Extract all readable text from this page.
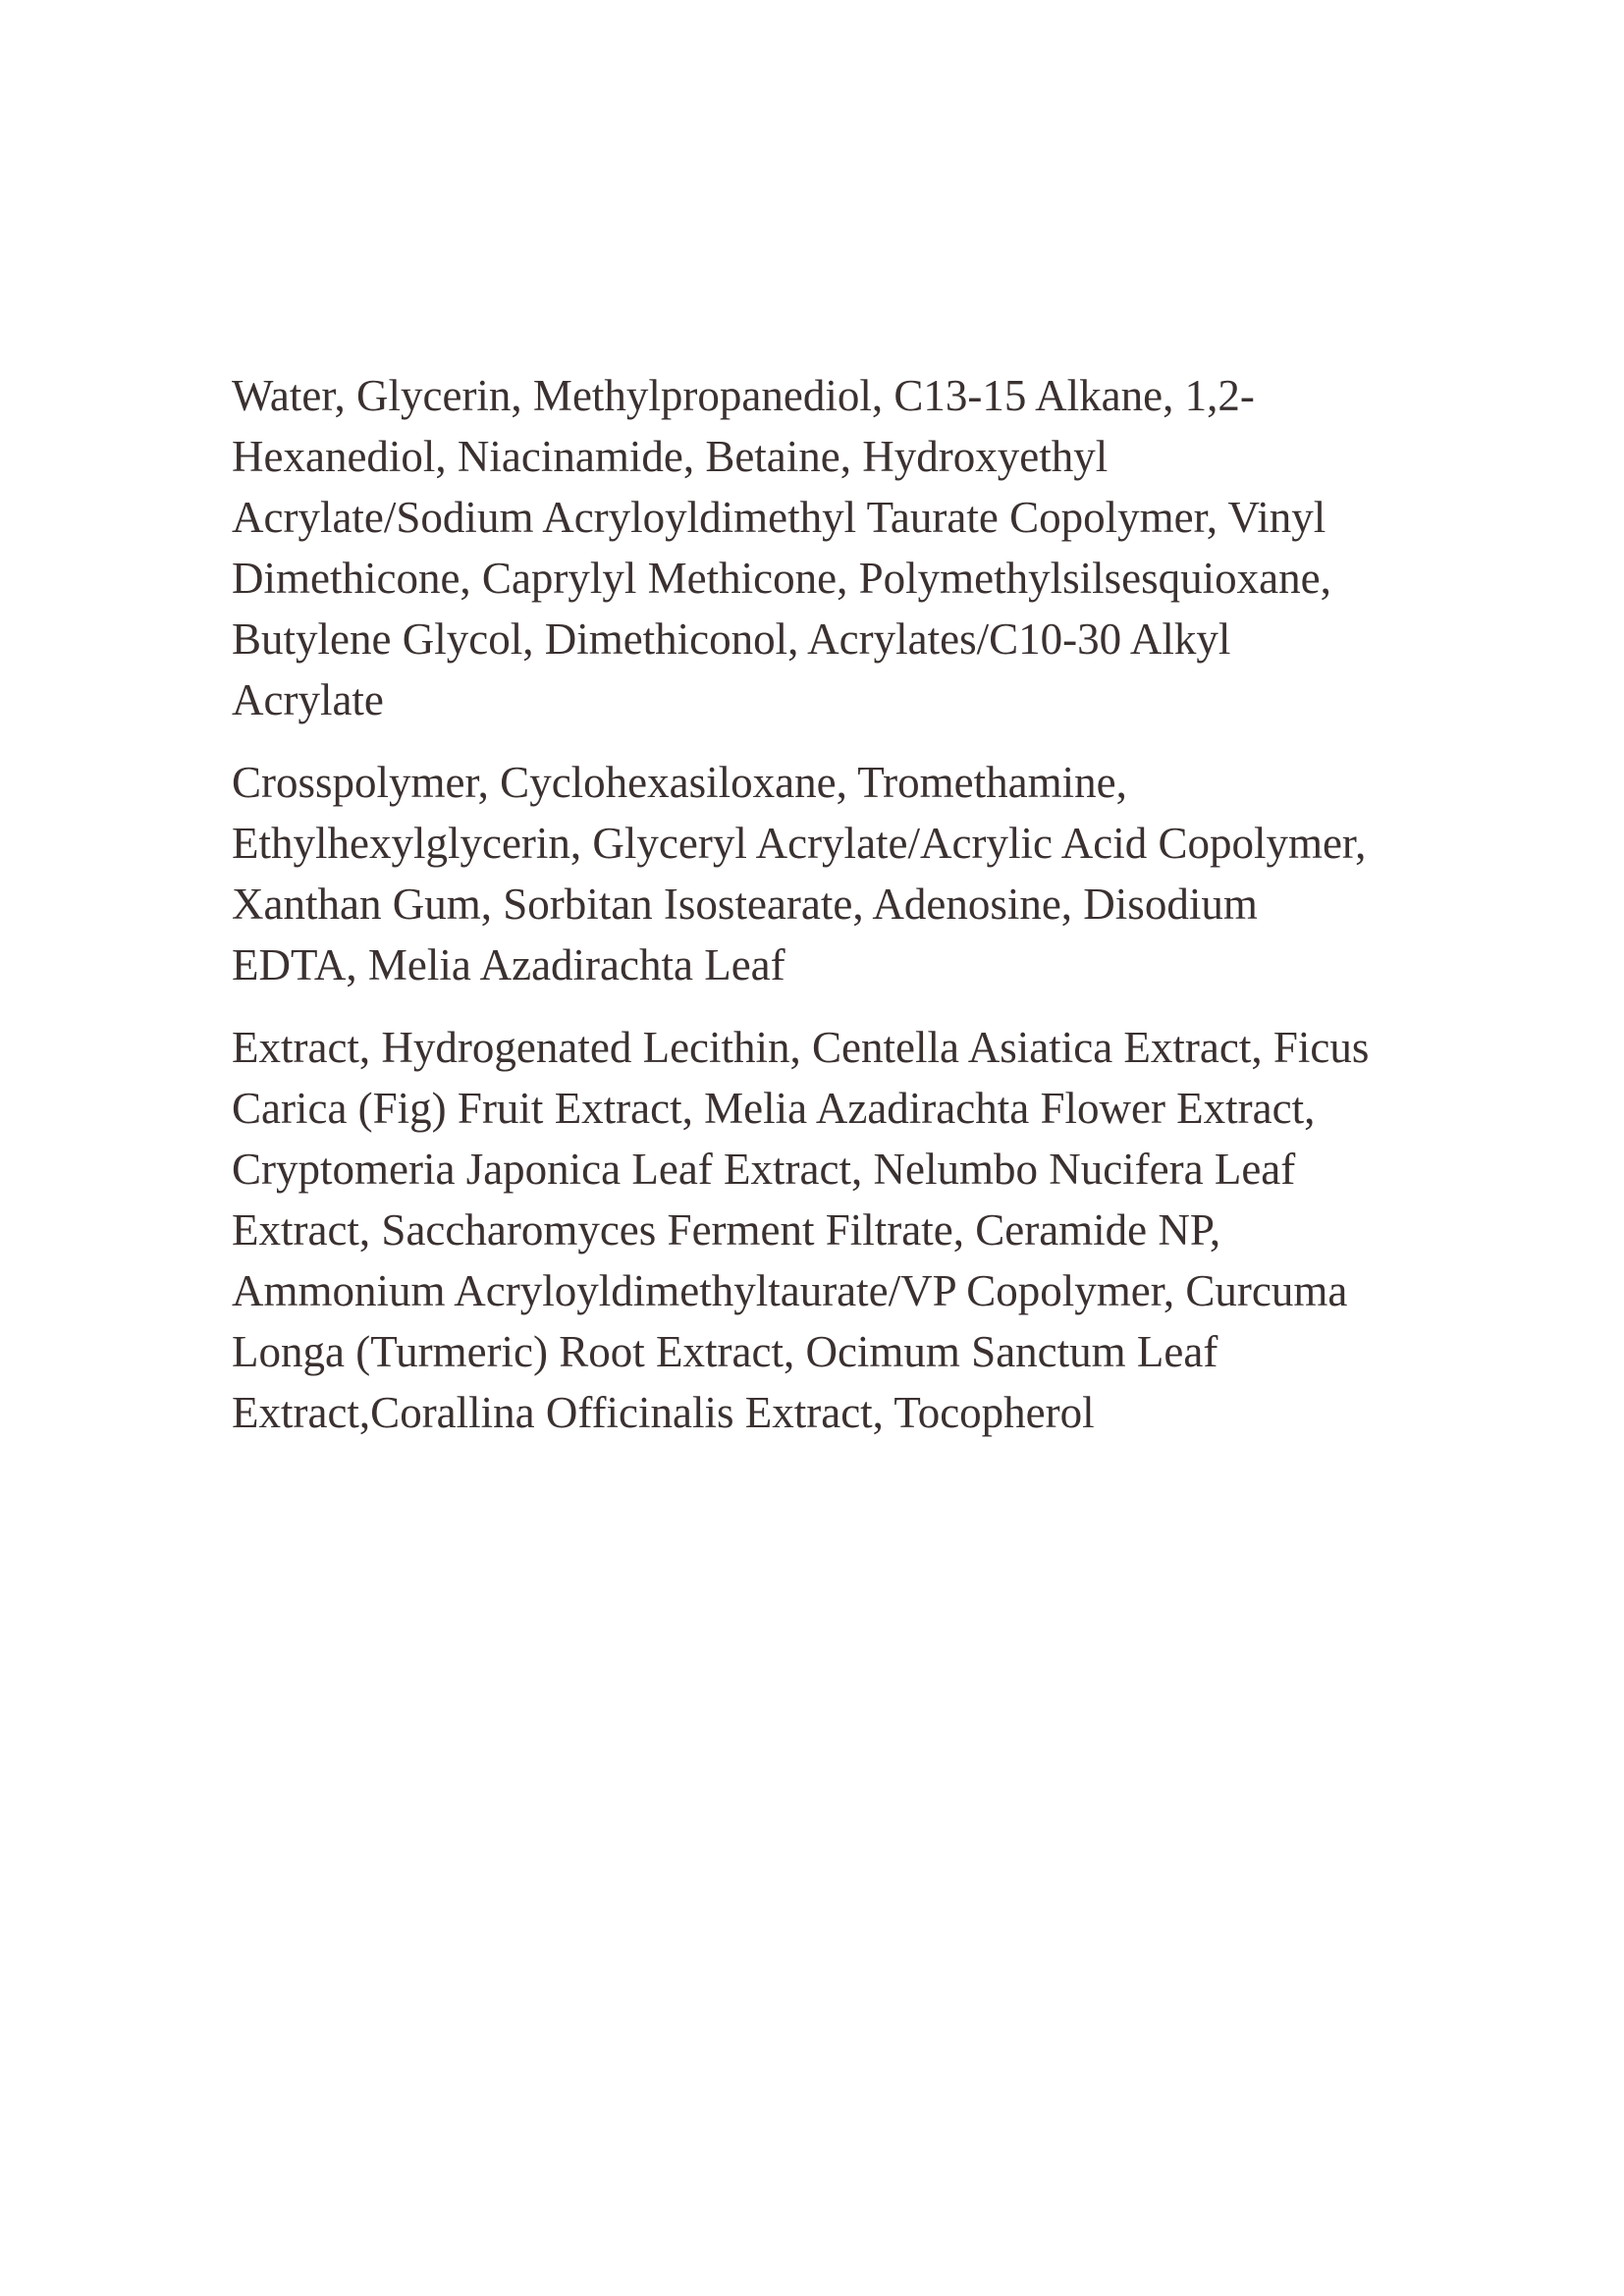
Water, Glycerin, Methylpropanediol, C13-15 Alkane, 1,2-
Hexanediol, Niacinamide, Betaine, Hydroxyethyl
Acrylate/Sodium Acryloyldimethyl Taurate Copolymer, Vinyl
Dimethicone, Caprylyl Methicone, Polymethylsilsesquioxane,
Butylene Glycol, Dimethiconol, Acrylates/C10-30 Alkyl
Acrylate

Crosspolymer, Cyclohexasiloxane, Tromethamine,
Ethylhexylglycerin, Glyceryl Acrylate/Acrylic Acid Copolymer,
Xanthan Gum, Sorbitan Isostearate, Adenosine, Disodium
EDTA, Melia Azadirachta Leaf

Extract, Hydrogenated Lecithin, Centella Asiatica Extract, Ficus
Carica (Fig) Fruit Extract, Melia Azadirachta Flower Extract,
Cryptomeria Japonica Leaf Extract, Nelumbo Nucifera Leaf
Extract, Saccharomyces Ferment Filtrate, Ceramide NP,
Ammonium Acryloyldimethyltaurate/VP Copolymer, Curcuma
Longa (Turmeric) Root Extract, Ocimum Sanctum Leaf
Extract,Corallina Officinalis Extract, Tocopherol
